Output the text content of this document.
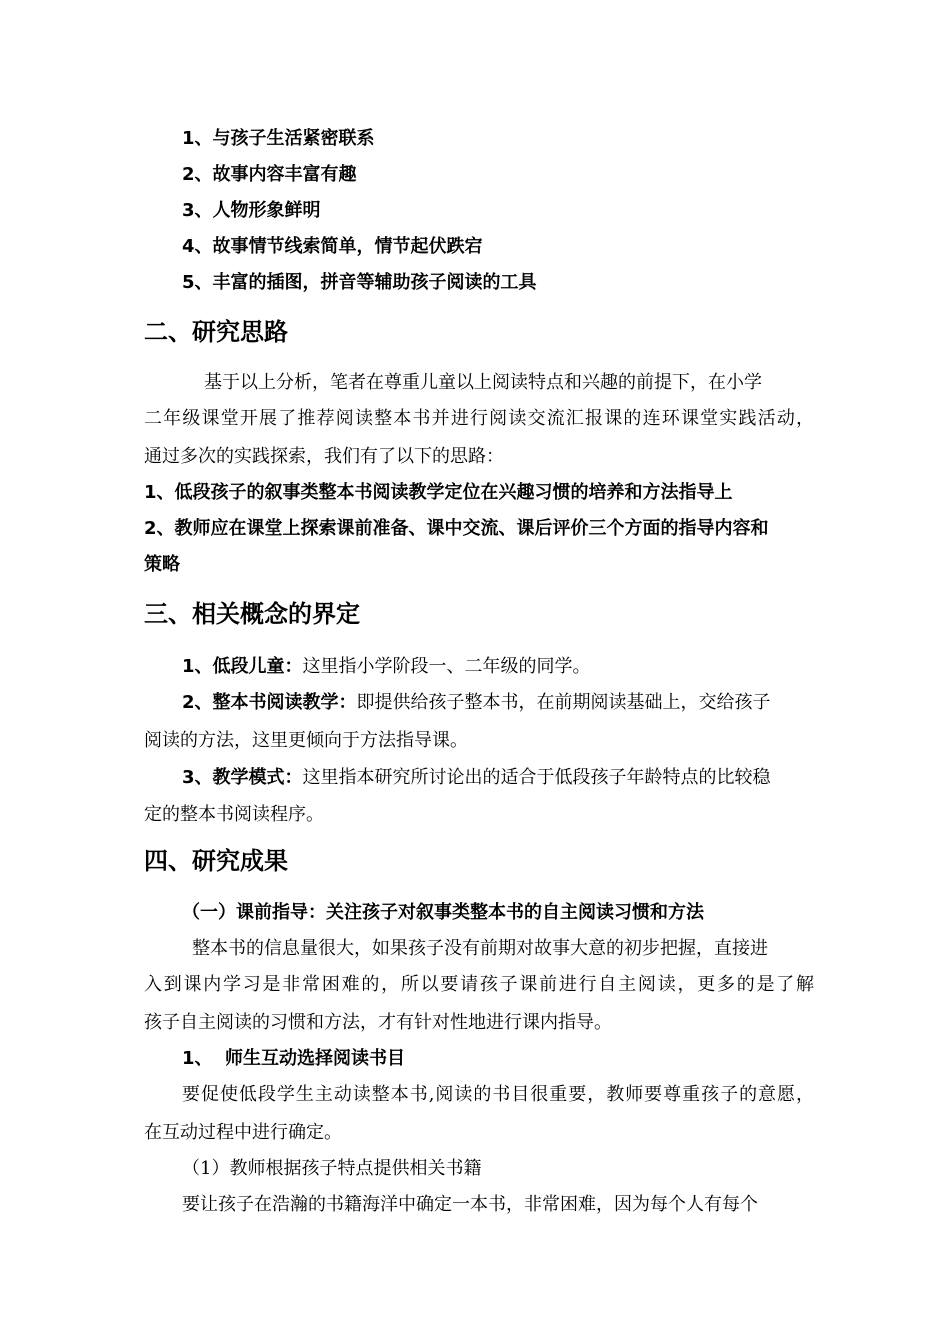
1、与孩子生活紧密联系
2、故事内容丰富有趣
3、人物形象鲜明
4、故事情节线索简单，情节起伏跌宕
5、丰富的插图，拼音等辅助孩子阅读的工具
二、研究思路
基于以上分析，笔者在尊重儿童以上阅读特点和兴趣的前提下，在小学
二年级课堂开展了推荐阅读整本书并进行阅读交流汇报课的连环课堂实践活动，
通过多次的实践探索，我们有了以下的思路：
1、低段孩子的叙事类整本书阅读教学定位在兴趣习惯的培养和方法指导上
2、教师应在课堂上探索课前准备、课中交流、课后评价三个方面的指导内容和
策略
三、相关概念的界定
1、低段儿童：这里指小学阶段一、二年级的同学。
2、整本书阅读教学：即提供给孩子整本书，在前期阅读基础上，交给孩子
阅读的方法，这里更倾向于方法指导课。
3、教学模式：这里指本研究所讨论出的适合于低段孩子年龄特点的比较稳
定的整本书阅读程序。
四、研究成果
（一）课前指导：关注孩子对叙事类整本书的自主阅读习惯和方法
整本书的信息量很大，如果孩子没有前期对故事大意的初步把握，直接进
入到课内学习是非常困难的，所以要请孩子课前进行自主阅读，更多的是了解
孩子自主阅读的习惯和方法，才有针对性地进行课内指导。
1、  师生互动选择阅读书目
要促使低段学生主动读整本书,阅读的书目很重要，教师要尊重孩子的意愿，
在互动过程中进行确定。
（1）教师根据孩子特点提供相关书籍
要让孩子在浩瀚的书籍海洋中确定一本书，非常困难，因为每个人有每个
